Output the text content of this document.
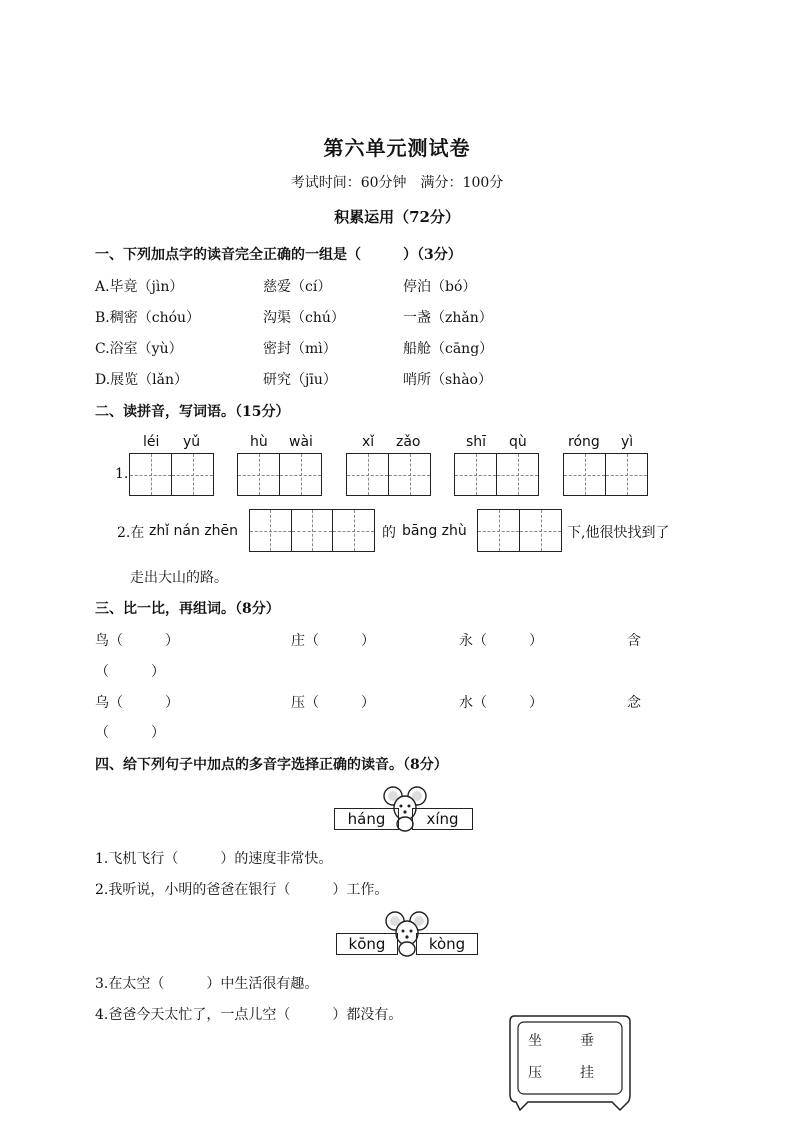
第六单元测试卷
考试时间：60分钟　满分：100分
积累运用（72分）
一、下列加点字的读音完全正确的一组是（　　　）（3分）
A.毕竟（jìn）	慈爱（cí）	停泊（bó）
B.稠密（chóu）	沟渠（chú）	一盏（zhǎn）
C.浴室（yù）	密封（mì）	船舱（cāng）
D.展览（lǎn）	研究（jīu）	哨所（shào）
二、读拼音，写词语。（15分）
léi yǔ	hù wài	xǐ zǎo	shī qù	róng yì
1.
2.在 zhǐ nán zhēn	的 bāng zhù	下,他很快找到了
走出大山的路。
三、比一比，再组词。（8分）
鸟（　　　）	庄（　　　）	永（　　　）	含
（　　　）
乌（　　　）	压（　　　）	水（　　　）	念
（　　　）
四、给下列句子中加点的多音字选择正确的读音。（8分）
háng	xíng
1.飞机飞行（　　　）的速度非常快。
2.我听说，小明的爸爸在银行（　　　）工作。
kōng	kòng
3.在太空（　　　）中生活很有趣。
4.爸爸今天太忙了，一点儿空（　　　）都没有。
坐	垂
压	挂
